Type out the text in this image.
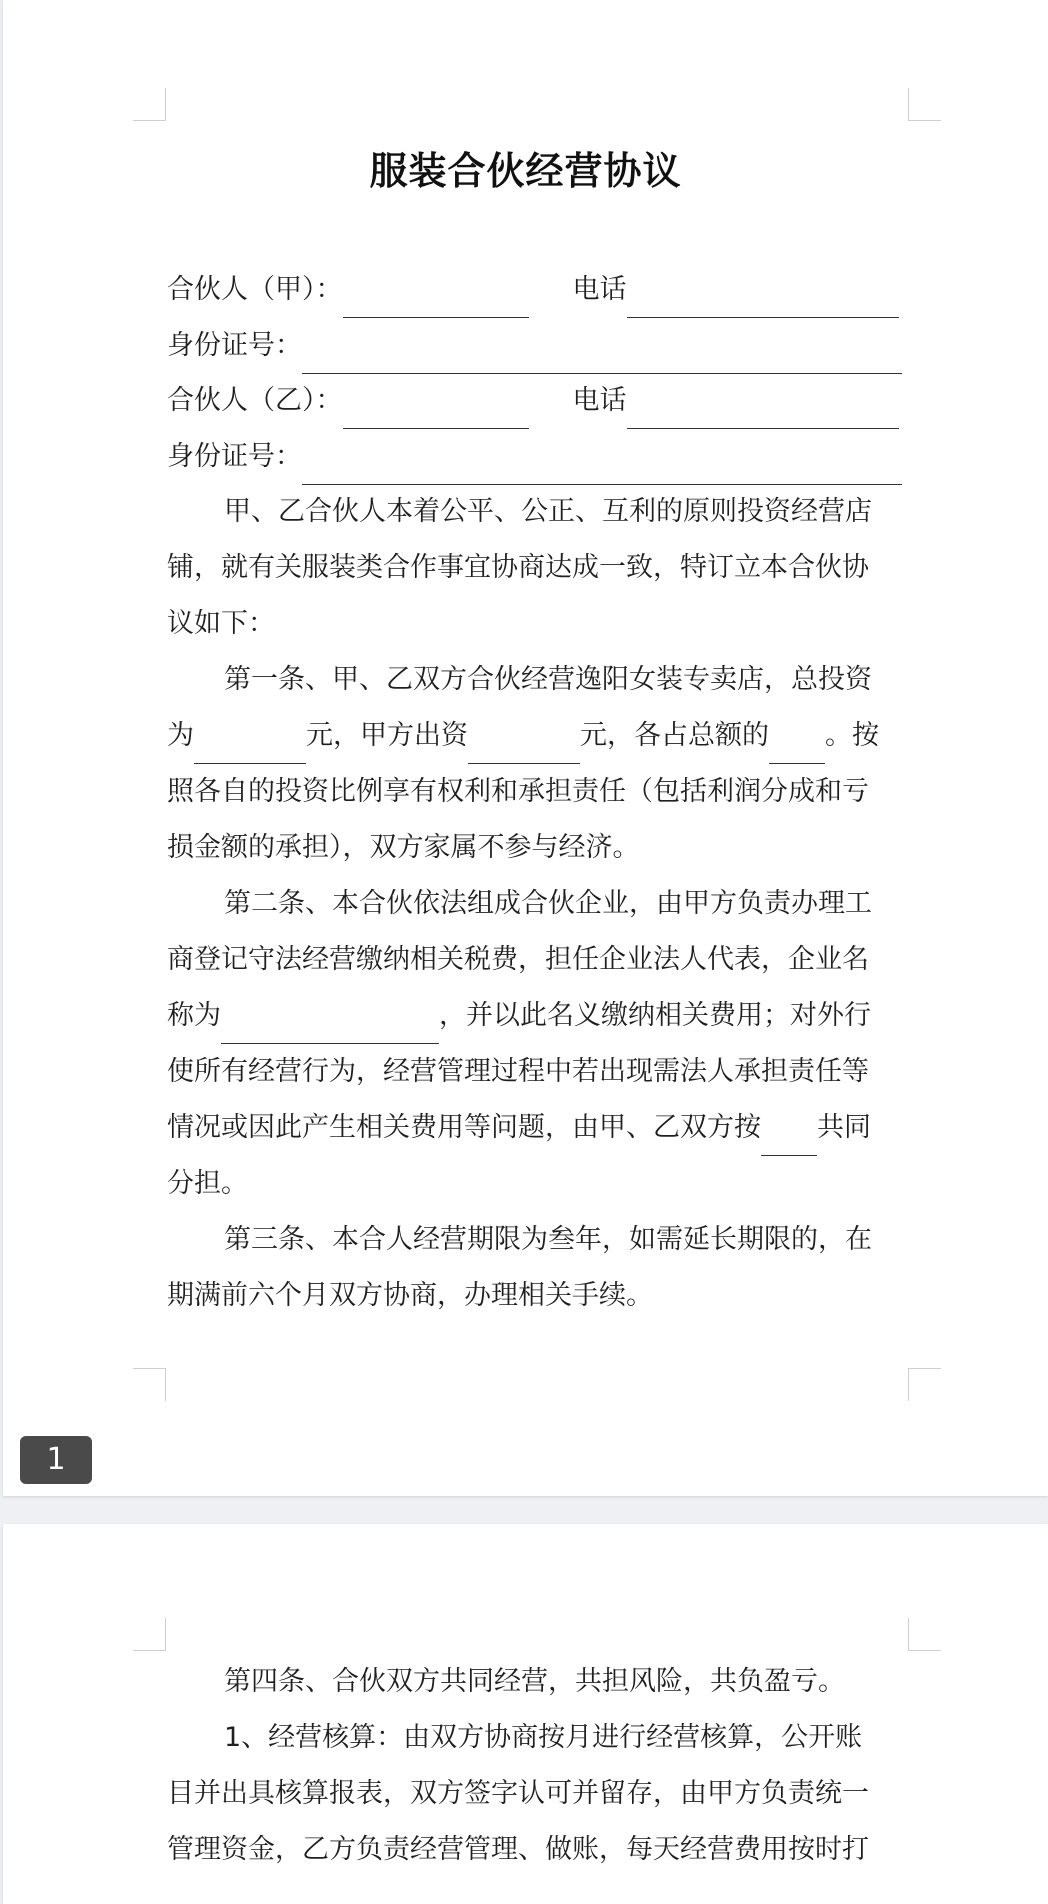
服装合伙经营协议
合伙人（甲）：	电话
身份证号：
合伙人（乙）：	电话
身份证号：
甲、乙合伙人本着公平、公正、互利的原则投资经营店
铺，就有关服装类合作事宜协商达成一致，特订立本合伙协
议如下：
第一条、甲、乙双方合伙经营逸阳女装专卖店，总投资
为	元，甲方出资	元，各占总额的 。按
照各自的投资比例享有权利和承担责任（包括利润分成和亏
损金额的承担），双方家属不参与经济。
第二条、本合伙依法组成合伙企业，由甲方负责办理工
商登记守法经营缴纳相关税费，担任企业法人代表，企业名
称为	，并以此名义缴纳相关费用；对外行
使所有经营行为，经营管理过程中若出现需法人承担责任等
情况或因此产生相关费用等问题，由甲、乙双方按 共同
分担。
第三条、本合人经营期限为叁年，如需延长期限的，在
期满前六个月双方协商，办理相关手续。
1
第四条、合伙双方共同经营，共担风险，共负盈亏。
1、经营核算：由双方协商按月进行经营核算，公开账
目并出具核算报表，双方签字认可并留存，由甲方负责统一
管理资金，乙方负责经营管理、做账，每天经营费用按时打
